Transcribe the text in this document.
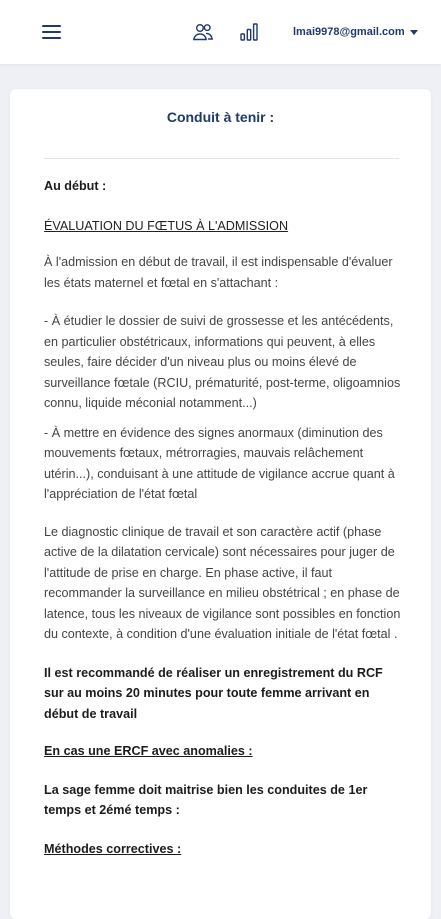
lmai9978@gmail.com
Conduit à tenir :

Au début :

ÉVALUATION DU FŒTUS À L'ADMISSION

À l'admission en début de travail, il est indispensable d'évaluer les états maternel et fœtal en s'attachant :

- À étudier le dossier de suivi de grossesse et les antécédents, en particulier obstétricaux, informations qui peuvent, à elles seules, faire décider d'un niveau plus ou moins élevé de surveillance fœtale (RCIU, prématurité, post-terme, oligoamnios connu, liquide méconial notamment...)

- À mettre en évidence des signes anormaux (diminution des mouvements fœtaux, métrorragies, mauvais relâchement utérin...), conduisant à une attitude de vigilance accrue quant à l'appréciation de l'état fœtal

Le diagnostic clinique de travail et son caractère actif (phase active de la dilatation cervicale) sont nécessaires pour juger de l'attitude de prise en charge. En phase active, il faut recommander la surveillance en milieu obstétrical ; en phase de latence, tous les niveaux de vigilance sont possibles en fonction du contexte, à condition d'une évaluation initiale de l'état fœtal .

Il est recommandé de réaliser un enregistrement du RCF sur au moins 20 minutes pour toute femme arrivant en début de travail

En cas une ERCF avec anomalies :

La sage femme doit maitrise bien les conduites de 1er temps et 2émé temps :

Méthodes correctives :
